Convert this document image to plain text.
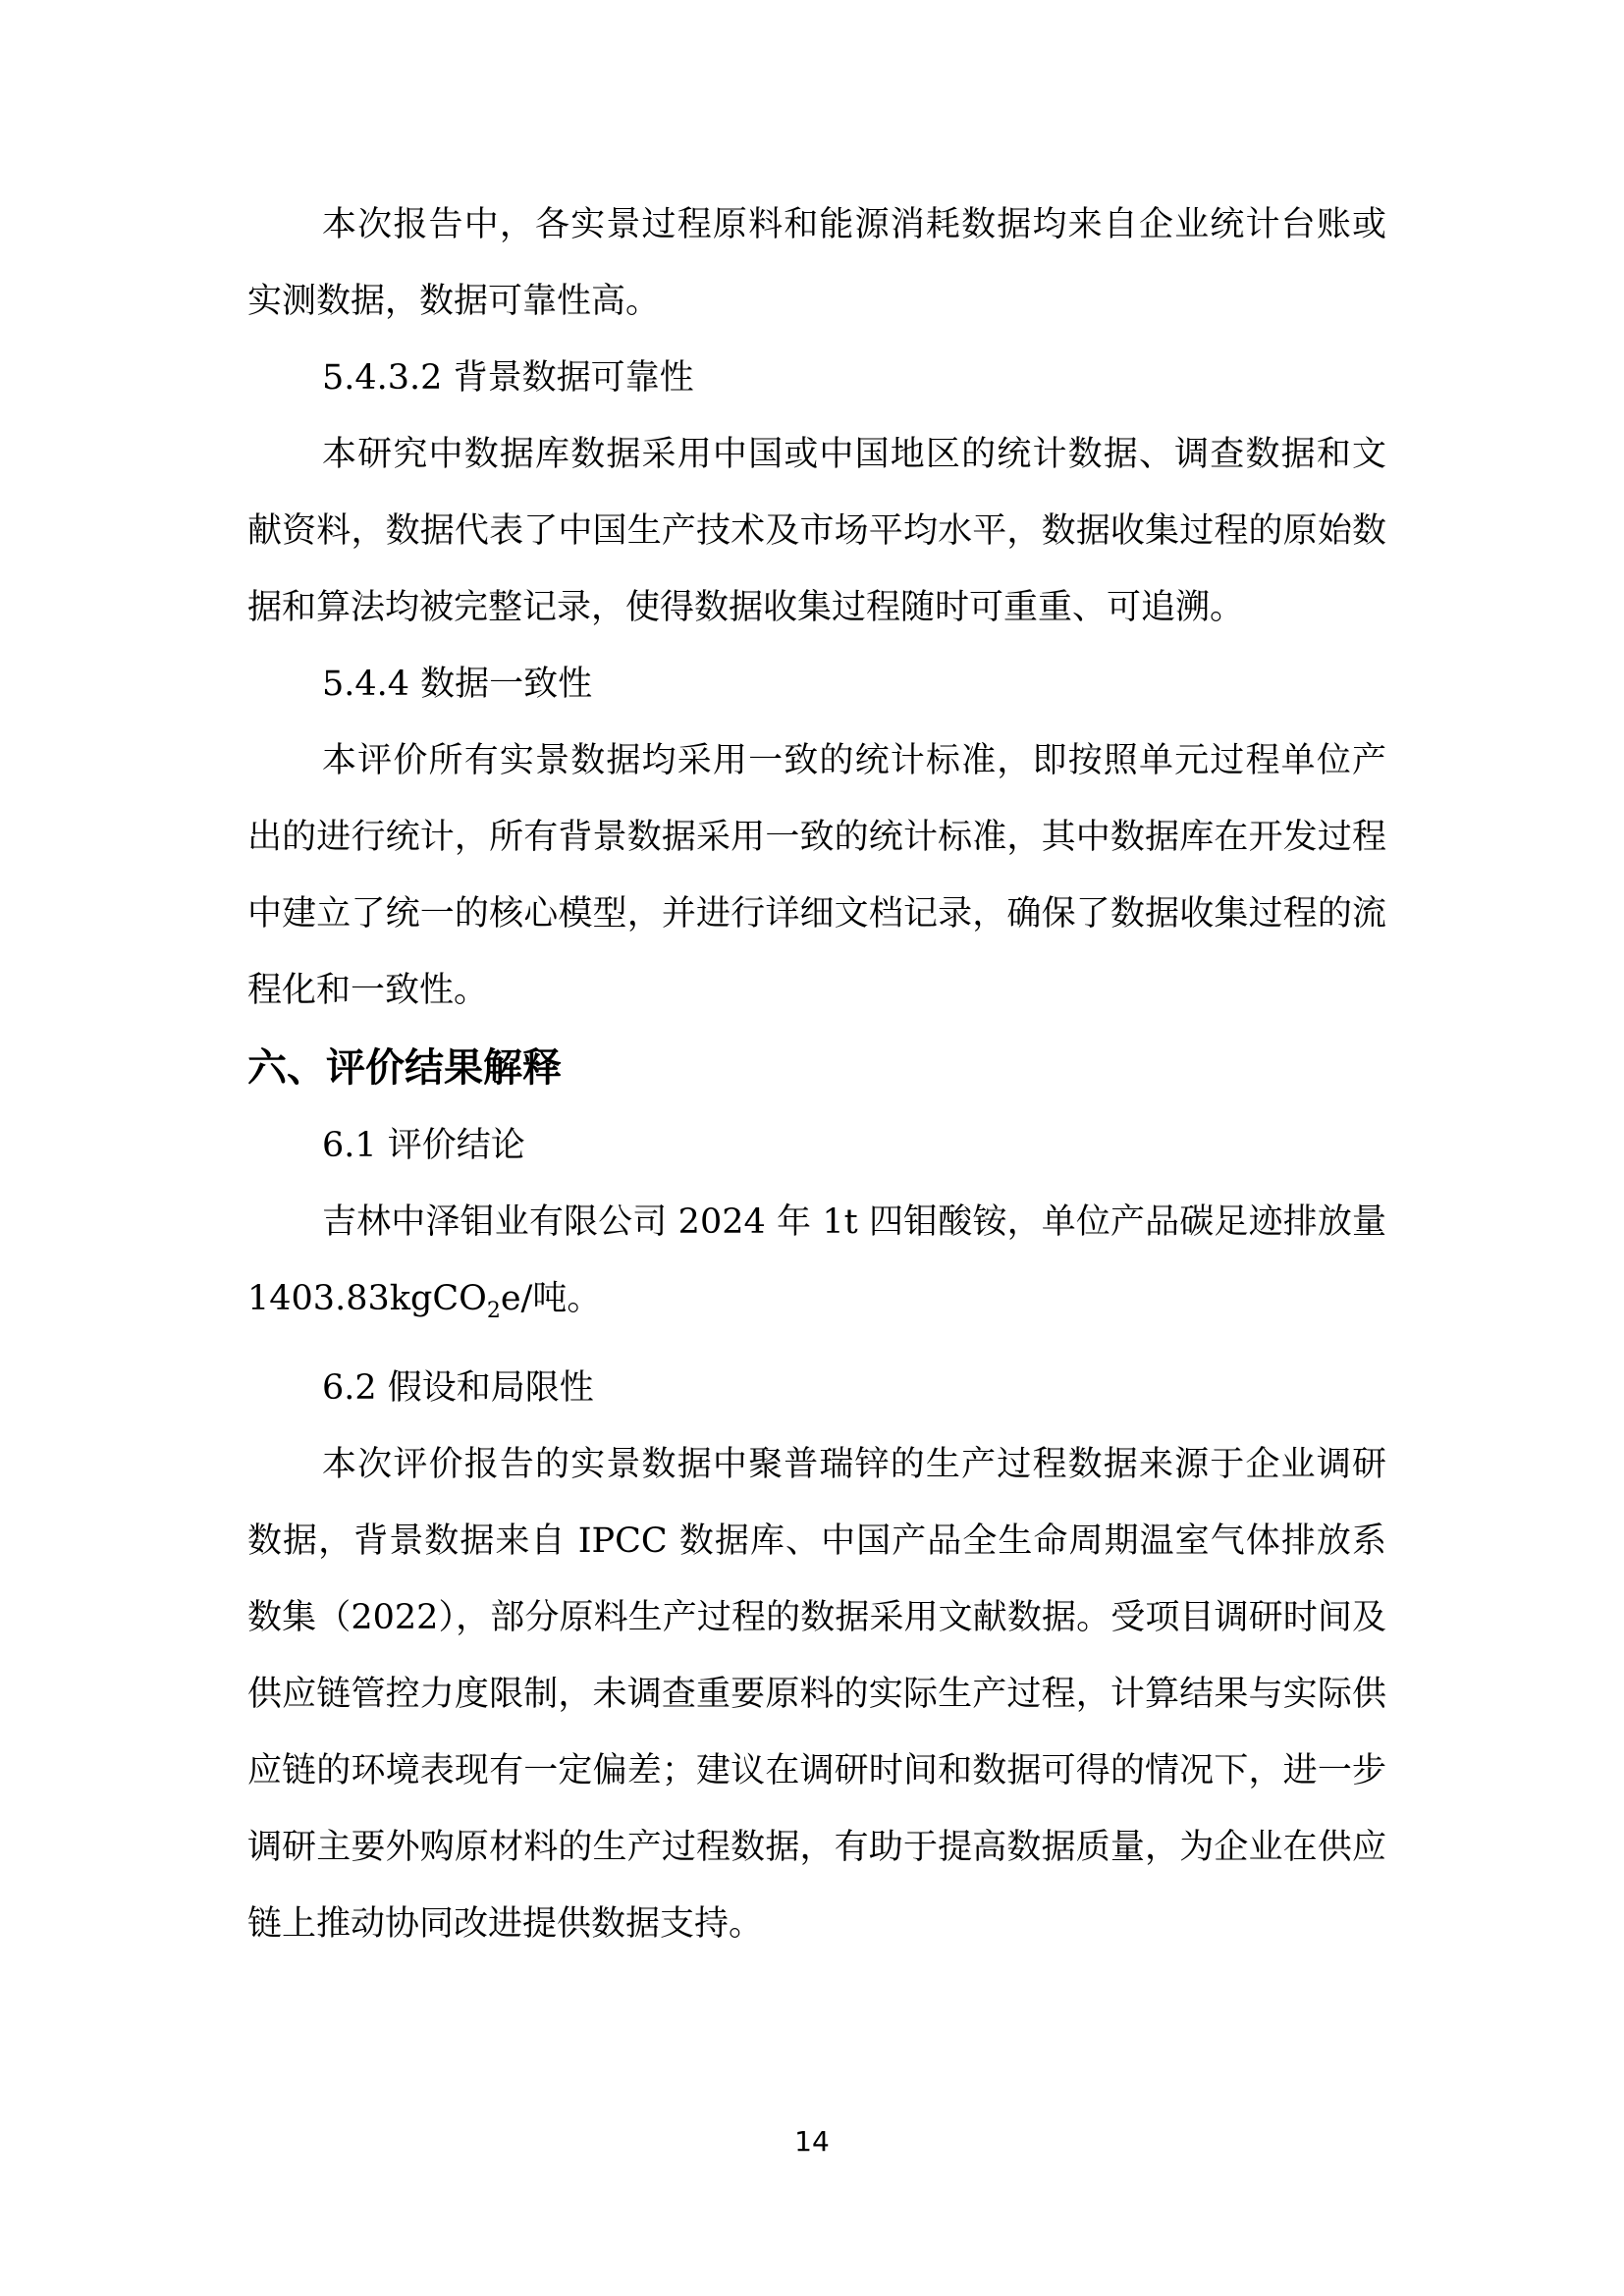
本次报告中，各实景过程原料和能源消耗数据均来自企业统计台账或实测数据，数据可靠性高。

5.4.3.2 背景数据可靠性

本研究中数据库数据采用中国或中国地区的统计数据、调查数据和文献资料，数据代表了中国生产技术及市场平均水平，数据收集过程的原始数据和算法均被完整记录，使得数据收集过程随时可重重、可追溯。

5.4.4 数据一致性

本评价所有实景数据均采用一致的统计标准，即按照单元过程单位产出的进行统计，所有背景数据采用一致的统计标准，其中数据库在开发过程中建立了统一的核心模型，并进行详细文档记录，确保了数据收集过程的流程化和一致性。

六、评价结果解释

6.1 评价结论

吉林中泽钼业有限公司 2024 年 1t 四钼酸铵，单位产品碳足迹排放量 1403.83kgCO$_2$e/吨。

6.2 假设和局限性

本次评价报告的实景数据中聚普瑞锌的生产过程数据来源于企业调研数据，背景数据来自 IPCC 数据库、中国产品全生命周期温室气体排放系数集（2022），部分原料生产过程的数据采用文献数据。受项目调研时间及供应链管控力度限制，未调查重要原料的实际生产过程，计算结果与实际供应链的环境表现有一定偏差；建议在调研时间和数据可得的情况下，进一步调研主要外购原材料的生产过程数据，有助于提高数据质量，为企业在供应链上推动协同改进提供数据支持。

14
